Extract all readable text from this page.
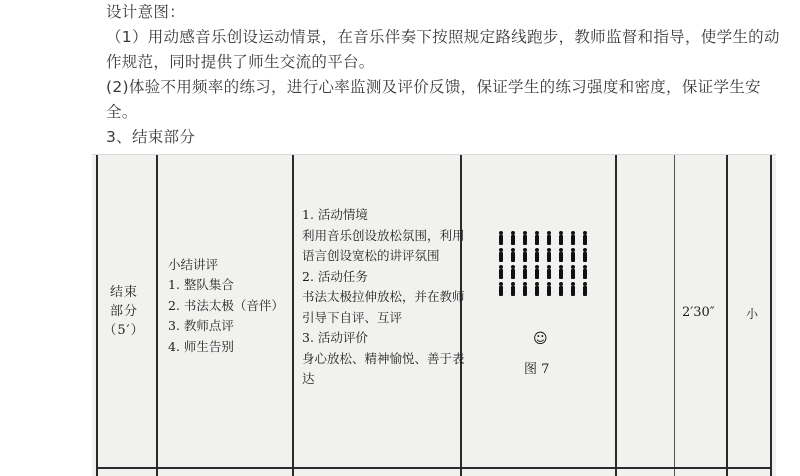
设计意图：

（1）用动感音乐创设运动情景，在音乐伴奏下按照规定路线跑步，教师监督和指导，使学生的动作规范，同时提供了师生交流的平台。

(2)体验不用频率的练习，进行心率监测及评价反馈，保证学生的练习强度和密度，保证学生安全。

3、结束部分

结束
部分
（5′）
小结讲评
1. 整队集合
2. 书法太极（音伴）
3. 教师点评
4. 师生告别
1. 活动情境
利用音乐创设放松氛围，利用语言创设宽松的讲评氛围
2. 活动任务
书法太极拉伸放松，并在教师引导下自评、互评
3. 活动评价
身心放松、精神愉悦、善于表达
☺
图 7
2′30″	小
